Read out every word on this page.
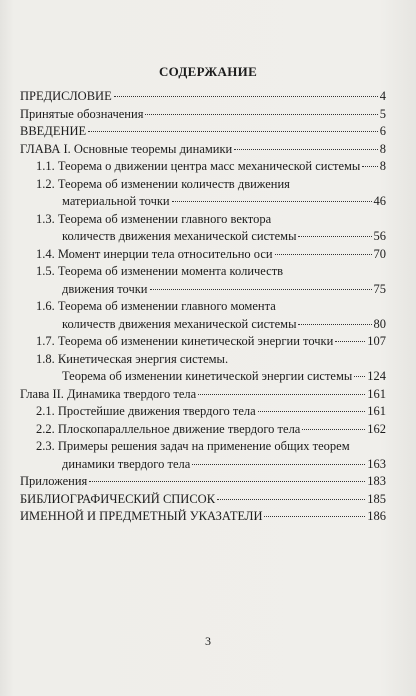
СОДЕРЖАНИЕ
ПРЕДИСЛОВИЕ	4
Принятые обозначения	5
ВВЕДЕНИЕ	6
ГЛАВА I. Основные теоремы динамики	8
1.1. Теорема о движении центра масс механической системы 8
1.2. Теорема об изменении количеств движения
материальной точки	46
1.3. Теорема об изменении главного вектора
количеств движения механической системы	56
1.4. Момент инерции тела относительно оси	70
1.5. Теорема об изменении момента количеств
движения точки	75
1.6. Теорема об изменении главного момента
количеств движения механической системы	80
1.7. Теорема об изменении кинетической энергии точки	107
1.8. Кинетическая энергия системы.
Теорема об изменении кинетической энергии системы 124
Глава II. Динамика твердого тела	161
2.1. Простейшие движения твердого тела	161
2.2. Плоскопараллельное движение твердого тела	162
2.3. Примеры решения задач на применение общих теорем
динамики твердого тела	163
Приложения	183
БИБЛИОГРАФИЧЕСКИЙ СПИСОК	185
ИМЕННОЙ И ПРЕДМЕТНЫЙ УКАЗАТЕЛИ	186
3
